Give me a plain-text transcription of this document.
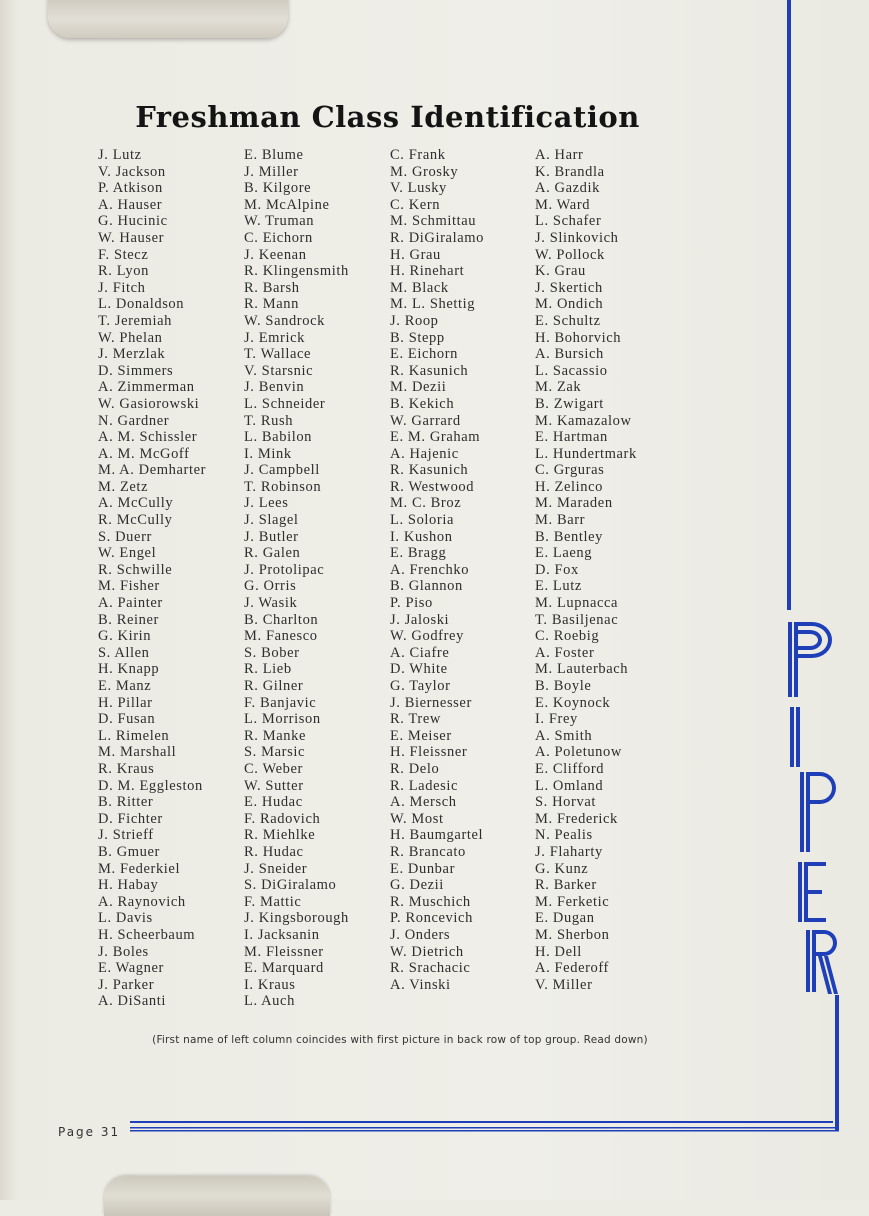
Freshman Class Identification
J. Lutz
V. Jackson
P. Atkison
A. Hauser
G. Hucinic
W. Hauser
F. Stecz
R. Lyon
J. Fitch
L. Donaldson
T. Jeremiah
W. Phelan
J. Merzlak
D. Simmers
A. Zimmerman
W. Gasiorowski
N. Gardner
A. M. Schissler
A. M. McGoff
M. A. Demharter
M. Zetz
A. McCully
R. McCully
S. Duerr
W. Engel
R. Schwille
M. Fisher
A. Painter
B. Reiner
G. Kirin
S. Allen
H. Knapp
E. Manz
H. Pillar
D. Fusan
L. Rimelen
M. Marshall
R. Kraus
D. M. Eggleston
B. Ritter
D. Fichter
J. Strieff
B. Gmuer
M. Federkiel
H. Habay
A. Raynovich
L. Davis
H. Scheerbaum
J. Boles
E. Wagner
J. Parker
A. DiSanti
E. Blume
J. Miller
B. Kilgore
M. McAlpine
W. Truman
C. Eichorn
J. Keenan
R. Klingensmith
R. Barsh
R. Mann
W. Sandrock
J. Emrick
T. Wallace
V. Starsnic
J. Benvin
L. Schneider
T. Rush
L. Babilon
I. Mink
J. Campbell
T. Robinson
J. Lees
J. Slagel
J. Butler
R. Galen
J. Protolipac
G. Orris
J. Wasik
B. Charlton
M. Fanesco
S. Bober
R. Lieb
R. Gilner
F. Banjavic
L. Morrison
R. Manke
S. Marsic
C. Weber
W. Sutter
E. Hudac
F. Radovich
R. Miehlke
R. Hudac
J. Sneider
S. DiGiralamo
F. Mattic
J. Kingsborough
I. Jacksanin
M. Fleissner
E. Marquard
I. Kraus
L. Auch
C. Frank
M. Grosky
V. Lusky
C. Kern
M. Schmittau
R. DiGiralamo
H. Grau
H. Rinehart
M. Black
M. L. Shettig
J. Roop
B. Stepp
E. Eichorn
R. Kasunich
M. Dezii
B. Kekich
W. Garrard
E. M. Graham
A. Hajenic
R. Kasunich
R. Westwood
M. C. Broz
L. Soloria
I. Kushon
E. Bragg
A. Frenchko
B. Glannon
P. Piso
J. Jaloski
W. Godfrey
A. Ciafre
D. White
G. Taylor
J. Biernesser
R. Trew
E. Meiser
H. Fleissner
R. Delo
R. Ladesic
A. Mersch
W. Most
H. Baumgartel
R. Brancato
E. Dunbar
G. Dezii
R. Muschich
P. Roncevich
J. Onders
W. Dietrich
R. Srachacic
A. Vinski
A. Harr
K. Brandla
A. Gazdik
M. Ward
L. Schafer
J. Slinkovich
W. Pollock
K. Grau
J. Skertich
M. Ondich
E. Schultz
H. Bohorvich
A. Bursich
L. Sacassio
M. Zak
B. Zwigart
M. Kamazalow
E. Hartman
L. Hundertmark
C. Grguras
H. Zelinco
M. Maraden
M. Barr
B. Bentley
E. Laeng
D. Fox
E. Lutz
M. Lupnacca
T. Basiljenac
C. Roebig
A. Foster
M. Lauterbach
B. Boyle
E. Koynock
I. Frey
A. Smith
A. Poletunow
E. Clifford
L. Omland
S. Horvat
M. Frederick
N. Pealis
J. Flaharty
G. Kunz
R. Barker
M. Ferketic
E. Dugan
M. Sherbon
H. Dell
A. Federoff
V. Miller
(First name of left column coincides with first picture in back row of top group. Read down)
PIPER
Page 31
